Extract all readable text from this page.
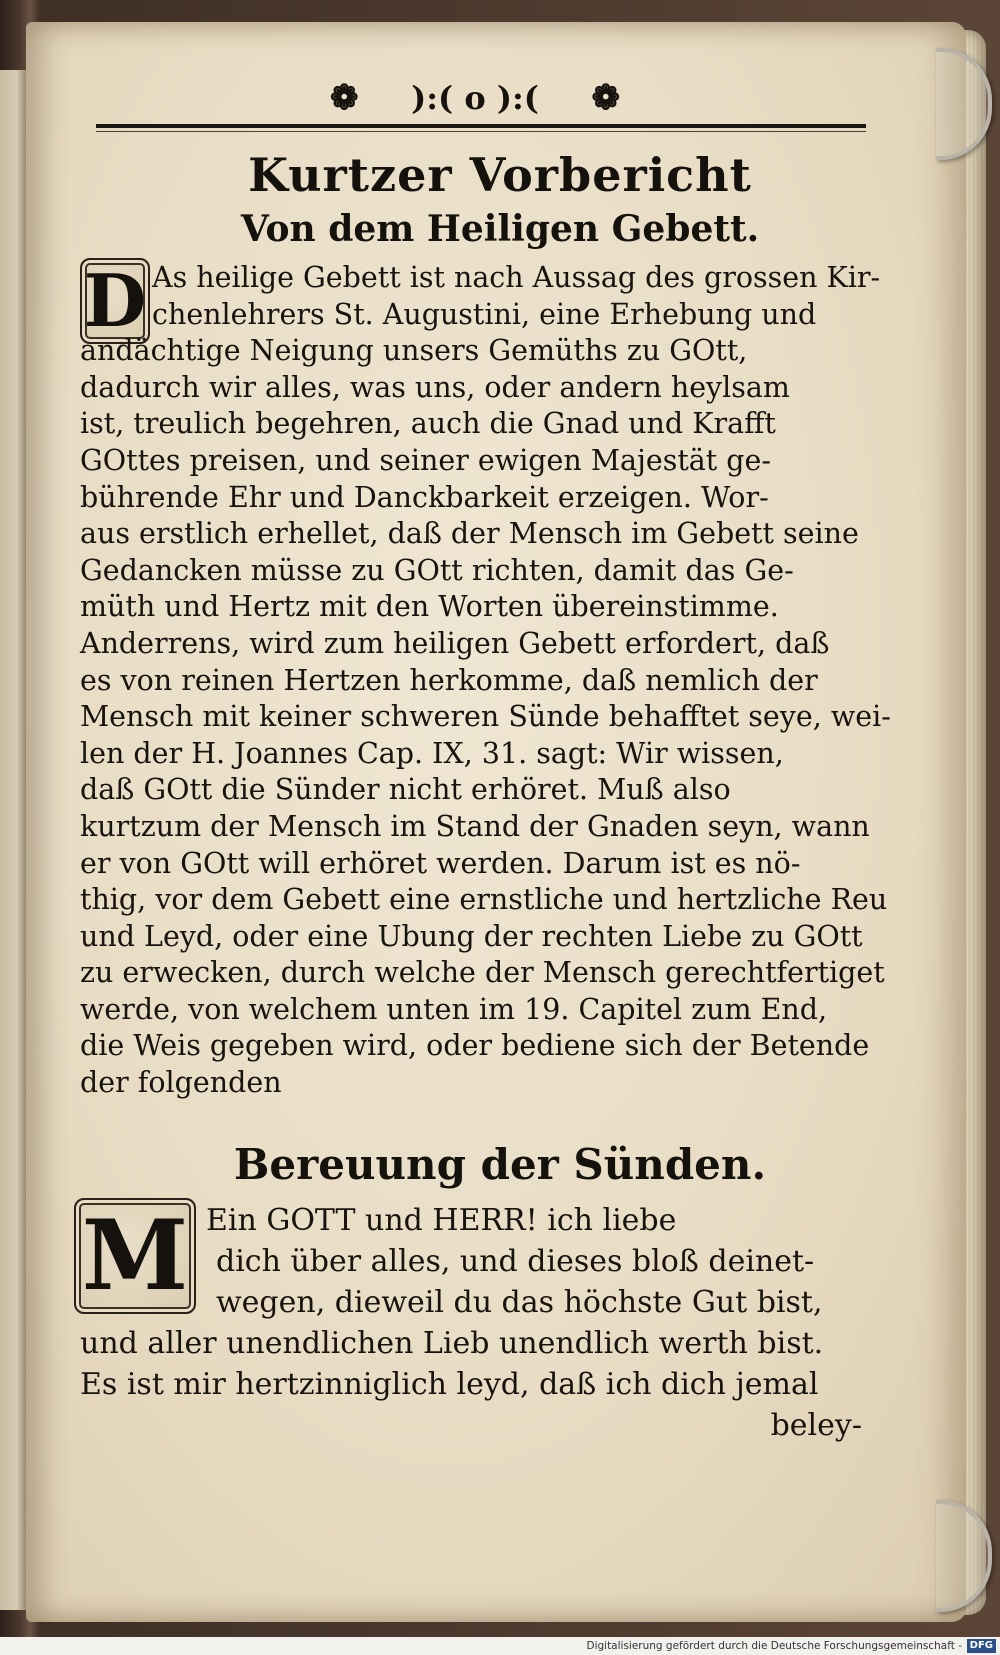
❁ ):( o ):( ❁
Kurtzer Vorbericht
Von dem Heiligen Gebett.
D As heilige Gebett ist nach Aussag des grossen Kir-
chenlehrers St. Augustini, eine Erhebung und
andächtige Neigung unsers Gemüths zu GOtt,
dadurch wir alles, was uns, oder andern heylsam
ist, treulich begehren, auch die Gnad und Krafft
GOttes preisen, und seiner ewigen Majestät ge-
bührende Ehr und Danckbarkeit erzeigen. Wor-
aus erstlich erhellet, daß der Mensch im Gebett seine
Gedancken müsse zu GOtt richten, damit das Ge-
müth und Hertz mit den Worten übereinstimme.
Anderrens, wird zum heiligen Gebett erfordert, daß
es von reinen Hertzen herkomme, daß nemlich der
Mensch mit keiner schweren Sünde behafftet seye, wei-
len der H. Joannes Cap. IX, 31. sagt: Wir wissen,
daß GOtt die Sünder nicht erhöret. Muß also
kurtzum der Mensch im Stand der Gnaden seyn, wann
er von GOtt will erhöret werden. Darum ist es nö-
thig, vor dem Gebett eine ernstliche und hertzliche Reu
und Leyd, oder eine Ubung der rechten Liebe zu GOtt
zu erwecken, durch welche der Mensch gerechtfertiget
werde, von welchem unten im 19. Capitel zum End,
die Weis gegeben wird, oder bediene sich der Betende
der folgenden
Bereuung der Sünden.
M Ein GOTT und HERR! ich liebe
dich über alles, und dieses bloß deinet-
wegen, dieweil du das höchste Gut bist,
und aller unendlichen Lieb unendlich werth bist.
Es ist mir hertzinniglich leyd, daß ich dich jemal
beley-
Digitalisierung gefördert durch die Deutsche Forschungsgemeinschaft - DFG
